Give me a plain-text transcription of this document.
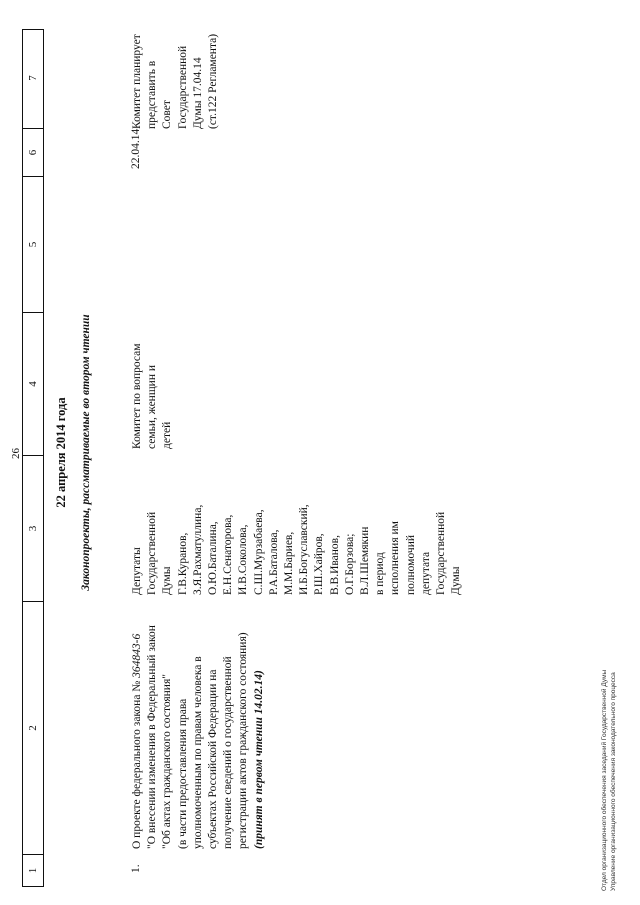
26
1
2
3
4
5
6
7
22 апреля 2014 года Законопроекты, рассматриваемые во втором чтении
1.
О проекте федерального закона № 364843-6 "О внесении изменения в Федеральный закон "Об актах гражданского состояния" (в части предоставления права уполномоченным по правам человека в субъектах Российской Федерации на получение сведений о государственной регистрации актов гражданского состояния) (принят в первом чтении 14.02.14)
Депутаты Государственной Думы Г.В.Куранов, З.Я.Рахматуллина, О.Ю.Баталина, Е.Н.Сенаторова, И.В.Соколова, С.Ш.Мурзабаева, Р.А.Баталова, М.М.Бариев, И.Б.Богуславский, Р.Ш.Хайров, В.В.Иванов, О.Г.Борзова; В.Л.Шемякин в период исполнения им полномочий депутата Государственной Думы
Комитет по вопросам семьи, женщин и детей
22.04.14
Комитет планирует представить в Совет Государственной Думы 17.04.14 (ст.122 Регламента)
Отдел организационного обеспечения заседаний Государственной Думы Управление организационного обеспечения законодательного процесса
